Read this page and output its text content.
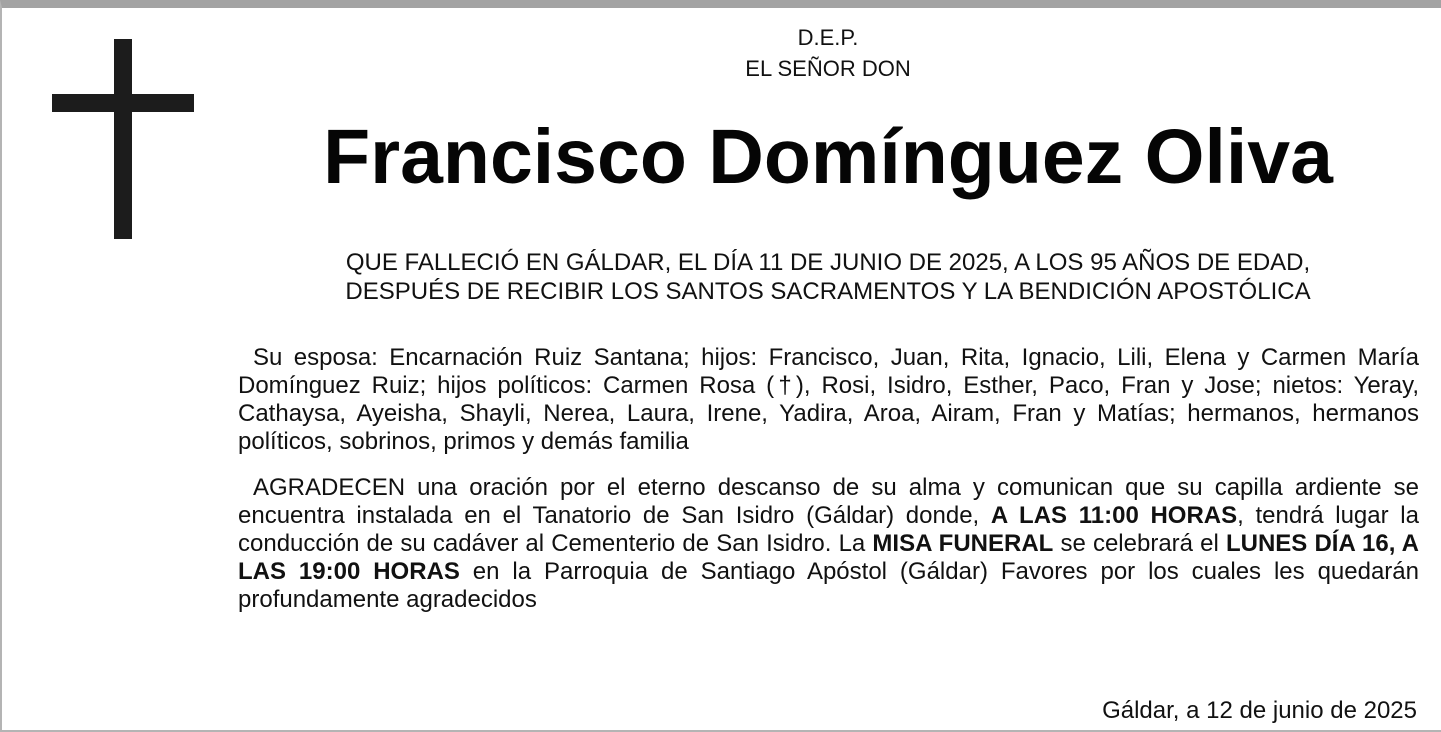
D.E.P.
EL SEÑOR DON
Francisco Domínguez Oliva
QUE FALLECIÓ EN GÁLDAR, EL DÍA 11 DE JUNIO DE 2025, A LOS 95 AÑOS DE EDAD,
DESPUÉS DE RECIBIR LOS SANTOS SACRAMENTOS Y LA BENDICIÓN APOSTÓLICA

Su esposa: Encarnación Ruiz Santana; hijos: Francisco, Juan, Rita, Ignacio, Lili, Elena y Carmen María Domínguez Ruiz; hijos políticos: Carmen Rosa (†), Rosi, Isidro, Esther, Paco, Fran y Jose; nietos: Yeray, Cathaysa, Ayeisha, Shayli, Nerea, Laura, Irene, Yadira, Aroa, Airam, Fran y Matías; hermanos, hermanos políticos, sobrinos, primos y demás familia

AGRADECEN una oración por el eterno descanso de su alma y comunican que su capilla ardiente se encuentra instalada en el Tanatorio de San Isidro (Gáldar) donde, A LAS 11:00 HORAS, tendrá lugar la conducción de su cadáver al Cementerio de San Isidro. La MISA FUNERAL se celebrará el LUNES DÍA 16, A LAS 19:00 HORAS en la Parroquia de Santiago Apóstol (Gáldar) Favores por los cuales les quedarán profundamente agradecidos

Gáldar, a 12 de junio de 2025
